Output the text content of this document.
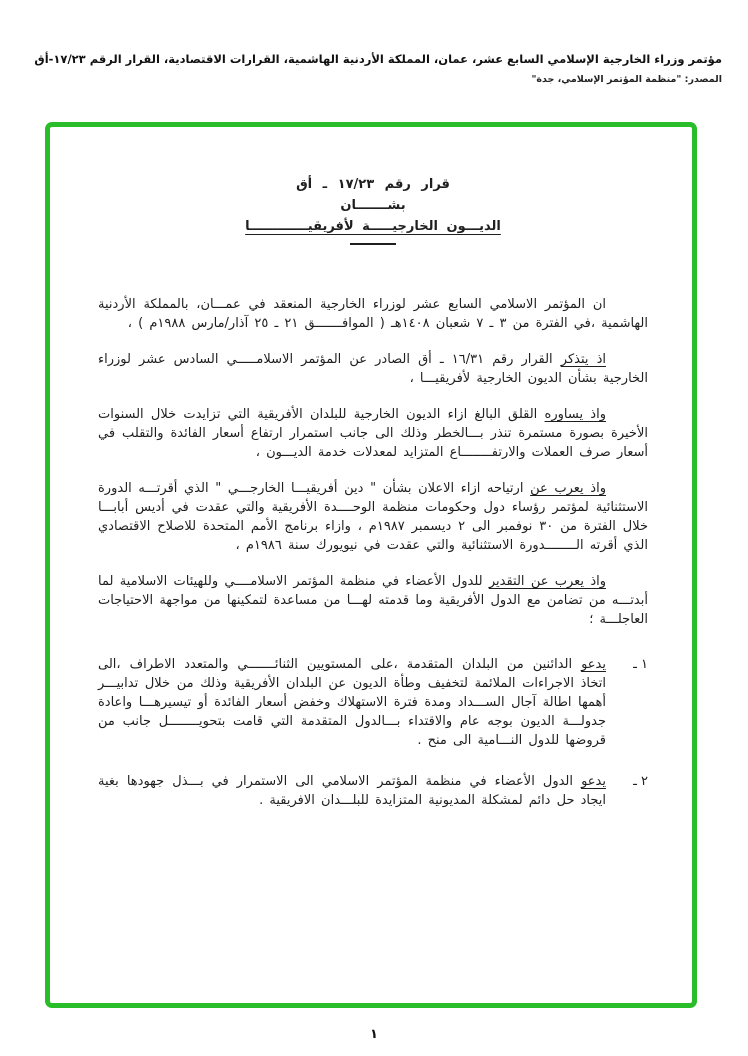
مؤتمر وزراء الخارجية الإسلامي السابع عشر، عمان، المملكة الأردنية الهاشمية، القرارات الاقتصادية، القرار الرقم ١٧/٢٣-أق
المصدر: "منظمة المؤتمر الإسلامي، جدة"
قرار رقم ١٧/٢٣ ـ أق
بشـــــــان
الديـــون الخارجيـــــة لأفريقيـــــــــــــا

ان المؤتمر الاسلامي السابع عشر لوزراء الخارجية المنعقد في عمـــان، بالمملكة الأردنية الهاشمية ،في الفترة من ٣ ـ ٧ شعبان ١٤٠٨هـ ( الموافـــــــق ٢١ ـ ٢٥ آذار/مارس ١٩٨٨م ) ،

اذ يتذكر القرار رقم ١٦/٣١ ـ أق الصادر عن المؤتمر الاسلامـــــي السادس عشر لوزراء الخارجية بشأن الديون الخارجية لأفريقيـــا ،

واذ يساوره القلق البالغ ازاء الديون الخارجية للبلدان الأفريقية التي تزايدت خلال السنوات الأخيرة بصورة مستمرة تنذر بـــالخطر وذلك الى جانب استمرار ارتفاع أسعار الفائدة والتقلب في أسعار صرف العملات والارتفــــــــاع المتزايد لمعدلات خدمة الديـــون ،

واذ يعرب عن ارتياحه ازاء الاعلان بشأن " دين أفريقيـــا الخارجـــي " الذي أقرتـــه الدورة الاستثنائية لمؤتمر رؤساء دول وحكومات منظمة الوحــــدة الأفريقية والتي عقدت في أديس أبابـــا خلال الفترة من ٣٠ نوفمبر الى ٢ ديسمبر ١٩٨٧م ، وازاء برنامج الأمم المتحدة للاصلاح الاقتصادي الذي أقرته الــــــــدورة الاستثنائية والتي عقدت في نيويورك سنة ١٩٨٦م ،

واذ يعرب عن التقدير للدول الأعضاء في منظمة المؤتمر الاسلامــــي وللهيئات الاسلامية لما أبدتـــه من تضامن مع الدول الأفريقية وما قدمته لهـــا من مساعدة لتمكينها من مواجهة الاحتياجات العاجلـــة ؛

١ ـ
يدعو الدائنين من البلدان المتقدمة ،على المستويين الثنائـــــــي والمتعدد الاطراف ،الى اتخاذ الاجراءات الملائمة لتخفيف وطأة الديون عن البلدان الأفريقية وذلك من خلال تدابيـــر أهمها اطالة آجال الســـداد ومدة فترة الاستهلاك وخفض أسعار الفائدة أو تيسيرهـــا واعادة جدولـــة الديون بوجه عام والاقتداء بـــالدول المتقدمة التي قامت بتحويــــــــل جانب من قروضها للدول النـــامية الى منح .
٢ ـ
يدعو الدول الأعضاء في منظمة المؤتمر الاسلامي الى الاستمرار في بـــذل جهودها بغية ايجاد حل دائم لمشكلة المديونية المتزايدة للبلـــدان الافريقية .
١
